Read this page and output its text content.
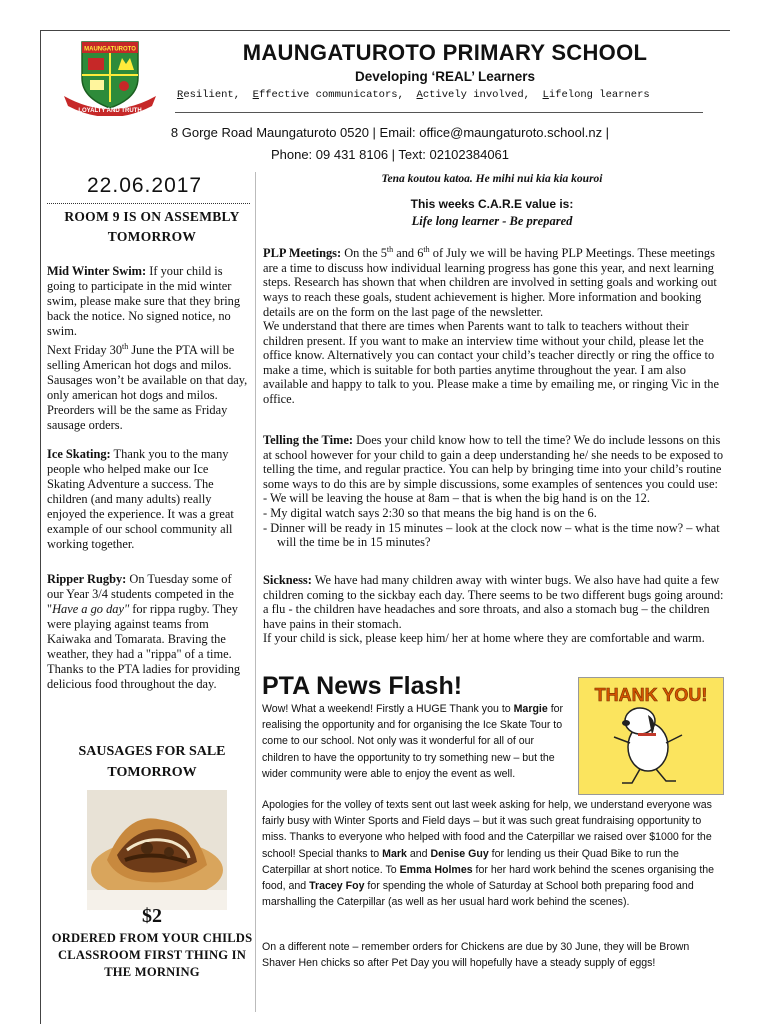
MAUNGATUROTO
LOYALTY AND TRUTH
MAUNGATUROTO PRIMARY SCHOOL
Developing ‘REAL’ Learners
Resilient, Effective communicators, Actively involved, Lifelong learners
8 Gorge Road Maungaturoto 0520 | Email: office@maungaturoto.school.nz |
Phone: 09 431 8106 | Text: 02102384061
22.06.2017
ROOM 9 IS ON ASSEMBLY TOMORROW
Mid Winter Swim: If your child is going to participate in the mid winter swim, please make sure that they bring back the notice. No signed notice, no swim.
Next Friday 30th June the PTA will be selling American hot dogs and milos. Sausages won’t be available on that day, only american hot dogs and milos. Preorders will be the same as Friday sausage orders.
Ice Skating: Thank you to the many people who helped make our Ice Skating Adventure a success. The children (and many adults) really enjoyed the experience. It was a great example of our school community all working together.
Ripper Rugby: On Tuesday some of our Year 3/4 students competed in the "Have a go day" for rippa rugby. They were playing against teams from Kaiwaka and Tomarata. Braving the weather, they had a "rippa" of a time. Thanks to the PTA ladies for providing delicious food throughout the day.
SAUSAGES FOR SALE TOMORROW
$2
ORDERED FROM YOUR CHILDS CLASSROOM FIRST THING IN THE MORNING
Tena koutou katoa. He mihi nui kia kia kouroi
This weeks C.A.R.E value is:
Life long learner - Be prepared
PLP Meetings: On the 5th and 6th of July we will be having PLP Meetings. These meetings are a time to discuss how individual learning progress has gone this year, and next learning steps. Research has shown that when children are involved in setting goals and working out ways to reach these goals, student achievement is higher. More information and booking details are on the form on the last page of the newsletter.
We understand that there are times when Parents want to talk to teachers without their children present. If you want to make an interview time without your child, please let the office know. Alternatively you can contact your child’s teacher directly or ring the office to make a time, which is suitable for both parties anytime throughout the year. I am also available and happy to talk to you. Please make a time by emailing me, or ringing Vic in the office.
Telling the Time: Does your child know how to tell the time? We do include lessons on this at school however for your child to gain a deep understanding he/ she needs to be exposed to telling the time, and regular practice. You can help by bringing time into your child’s routine some ways to do this are by simple discussions, some examples of sentences you could use:
- We will be leaving the house at 8am – that is when the big hand is on the 12.
- My digital watch says 2:30 so that means the big hand is on the 6.
- Dinner will be ready in 15 minutes – look at the clock now – what is the time now? – what will the time be in 15 minutes?
Sickness: We have had many children away with winter bugs. We also have had quite a few children coming to the sickbay each day. There seems to be two different bugs going around: a flu - the children have headaches and sore throats, and also a stomach bug – the children have pains in their stomach.
If your child is sick, please keep him/ her at home where they are comfortable and warm.
PTA News Flash!
Wow! What a weekend! Firstly a HUGE Thank you to Margie for realising the opportunity and for organising the Ice Skate Tour to come to our school. Not only was it wonderful for all of our children to have the opportunity to try something new – but the wider community were able to enjoy the event as well.
Apologies for the volley of texts sent out last week asking for help, we understand everyone was fairly busy with Winter Sports and Field days – but it was such great fundraising opportunity to miss. Thanks to everyone who helped with food and the Caterpillar we raised over $1000 for the school! Special thanks to Mark and Denise Guy for lending us their Quad Bike to run the Caterpillar at short notice. To Emma Holmes for her hard work behind the scenes organising the food, and Tracey Foy for spending the whole of Saturday at School both preparing food and marshalling the Caterpillar (as well as her usual hard work behind the scenes).
On a different note – remember orders for Chickens are due by 30 June, they will be Brown Shaver Hen chicks so after Pet Day you will hopefully have a steady supply of eggs!
THANK YOU!
